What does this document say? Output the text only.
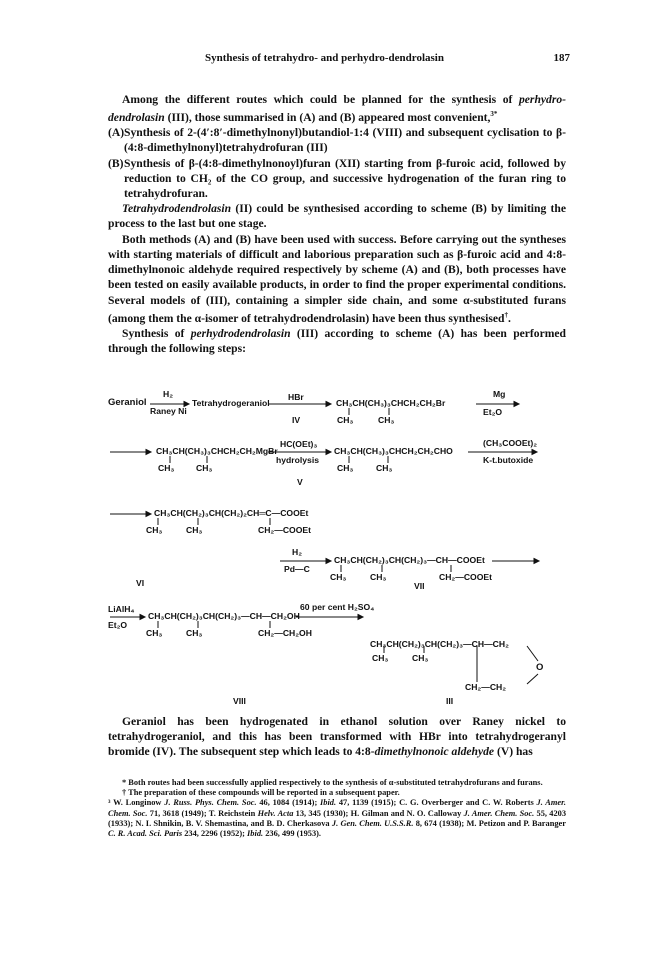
Synthesis of tetrahydro- and perhydro-dendrolasin	187

Among the different routes which could be planned for the synthesis of perhydro-dendrolasin (III), those summarised in (A) and (B) appeared most convenient,$^{3*}$

(A)Synthesis of 2-(4′:8′-dimethylnonyl)butandiol-1:4 (VIII) and subsequent cyclisation to β-(4:8-dimethylnonyl)tetrahydrofuran (III)

(B)Synthesis of β-(4:8-dimethylnonoyl)furan (XII) starting from β-furoic acid, followed by reduction to CH₂ of the CO group, and successive hydrogenation of the furan ring to tetrahydrofuran.

Tetrahydrodendrolasin (II) could be synthesised according to scheme (B) by limiting the process to the last but one stage.

Both methods (A) and (B) have been used with success. Before carrying out the syntheses with starting materials of difficult and laborious preparation such as β-furoic acid and 4:8-dimethylnonoic aldehyde required respectively by scheme (A) and (B), both processes have been tested on easily available products, in order to find the proper experimental conditions. Several models of (III), containing a simpler side chain, and some α-substituted furans (among them the α-isomer of tetrahydrodendrolasin) have been thus synthesised†.

Synthesis of perhydrodendrolasin (III) according to scheme (A) has been performed through the following steps:

Geraniol
H₂
Raney Ni
Tetrahydrogeraniol
HBr
CH₃CH(CH₃)₃CHCH₂CH₂Br
CH₃	CH₃
IV
Mg
Et₂O
CH₃CH(CH₃)₃CHCH₂CH₂MgBr
CH₃	CH₃
HC(OEt)₃
hydrolysis
CH₃CH(CH₃)₃CHCH₂CH₂CHO
CH₃	CH₃
V
(CH₃COOEt)₂
K-t.butoxide
CH₃CH(CH₂)₃CH(CH₂)₂CH═C—COOEt
CH₃	CH₃	CH₂—COOEt
H₂
Pd—C
CH₃CH(CH₂)₃CH(CH₂)₃—CH—COOEt
CH₃	CH₃	CH₂—COOEt
VI	VII
LiAlH₄
Et₂O
CH₃CH(CH₂)₃CH(CH₂)₃—CH—CH₂OH
CH₃	CH₃	CH₂—CH₂OH
60 per cent H₂SO₄
CH₃CH(CH₂)₃CH(CH₂)₃—CH—CH₂
CH₃	CH₃
O
CH₂—CH₂
VIII	III

Geraniol has been hydrogenated in ethanol solution over Raney nickel to tetrahydrogeraniol, and this has been transformed with HBr into tetrahydrogeranyl bromide (IV). The subsequent step which leads to 4:8-dimethylnonoic aldehyde (V) has

* Both routes had been successfully applied respectively to the synthesis of α-substituted tetrahydrofurans and furans.

† The preparation of these compounds will be reported in a subsequent paper.

³ W. Longinow J. Russ. Phys. Chem. Soc. 46, 1084 (1914); Ibid. 47, 1139 (1915); C. G. Overberger and C. W. Roberts J. Amer. Chem. Soc. 71, 3618 (1949); T. Reichstein Helv. Acta 13, 345 (1930); H. Gilman and N. O. Calloway J. Amer. Chem. Soc. 55, 4203 (1933); N. I. Shnikin, B. V. Shemastina, and B. D. Cherkasova J. Gen. Chem. U.S.S.R. 8, 674 (1938); M. Petizon and P. Baranger C. R. Acad. Sci. Paris 234, 2296 (1952); Ibid. 236, 499 (1953).
